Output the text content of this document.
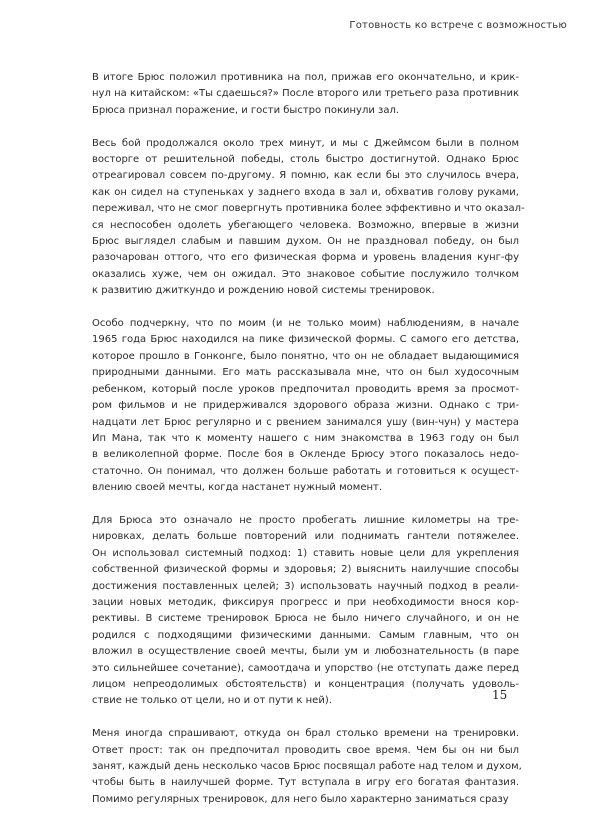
Готовность ко встрече с возможностью

В итоге Брюс положил противника на пол, прижав его окончательно, и крик-
нул на китайском: «Ты сдаешься?» После второго или третьего раза противник
Брюса признал поражение, и гости быстро покинули зал.

Весь бой продолжался около трех минут, и мы с Джеймсом были в полном
восторге от решительной победы, столь быстро достигнутой. Однако Брюс
отреагировал совсем по-другому. Я помню, как если бы это случилось вчера,
как он сидел на ступеньках у заднего входа в зал и, обхватив голову руками,
переживал, что не смог повергнуть противника более эффективно и что оказал-
ся неспособен одолеть убегающего человека. Возможно, впервые в жизни
Брюс выглядел слабым и павшим духом. Он не праздновал победу, он был
разочарован оттого, что его физическая форма и уровень владения кунг-фу
оказались хуже, чем он ожидал. Это знаковое событие послужило толчком
к развитию джиткундо и рождению новой системы тренировок.

Особо подчеркну, что по моим (и не только моим) наблюдениям, в начале
1965 года Брюс находился на пике физической формы. С самого его детства,
которое прошло в Гонконге, было понятно, что он не обладает выдающимися
природными данными. Его мать рассказывала мне, что он был худосочным
ребенком, который после уроков предпочитал проводить время за просмот-
ром фильмов и не придерживался здорового образа жизни. Однако с три-
надцати лет Брюс регулярно и с рвением занимался ушу (вин-чун) у мастера
Ип Мана, так что к моменту нашего с ним знакомства в 1963 году он был
в великолепной форме. После боя в Окленде Брюсу этого показалось недо-
статочно. Он понимал, что должен больше работать и готовиться к осущест-
влению своей мечты, когда настанет нужный момент.

Для Брюса это означало не просто пробегать лишние километры на тре-
нировках, делать больше повторений или поднимать гантели потяжелее.
Он использовал системный подход: 1) ставить новые цели для укрепления
собственной физической формы и здоровья; 2) выяснить наилучшие способы
достижения поставленных целей; 3) использовать научный подход в реали-
зации новых методик, фиксируя прогресс и при необходимости внося кор-
рективы. В системе тренировок Брюса не было ничего случайного, и он не
родился с подходящими физическими данными. Самым главным, что он
вложил в осуществление своей мечты, были ум и любознательность (в паре
это сильнейшее сочетание), самоотдача и упорство (не отступать даже перед
лицом непреодолимых обстоятельств) и концентрация (получать удоволь-
ствие не только от цели, но и от пути к ней).

Меня иногда спрашивают, откуда он брал столько времени на тренировки.
Ответ прост: так он предпочитал проводить свое время. Чем бы он ни был
занят, каждый день несколько часов Брюс посвящал работе над телом и духом,
чтобы быть в наилучшей форме. Тут вступала в игру его богатая фантазия.
Помимо регулярных тренировок, для него было характерно заниматься сразу

15
